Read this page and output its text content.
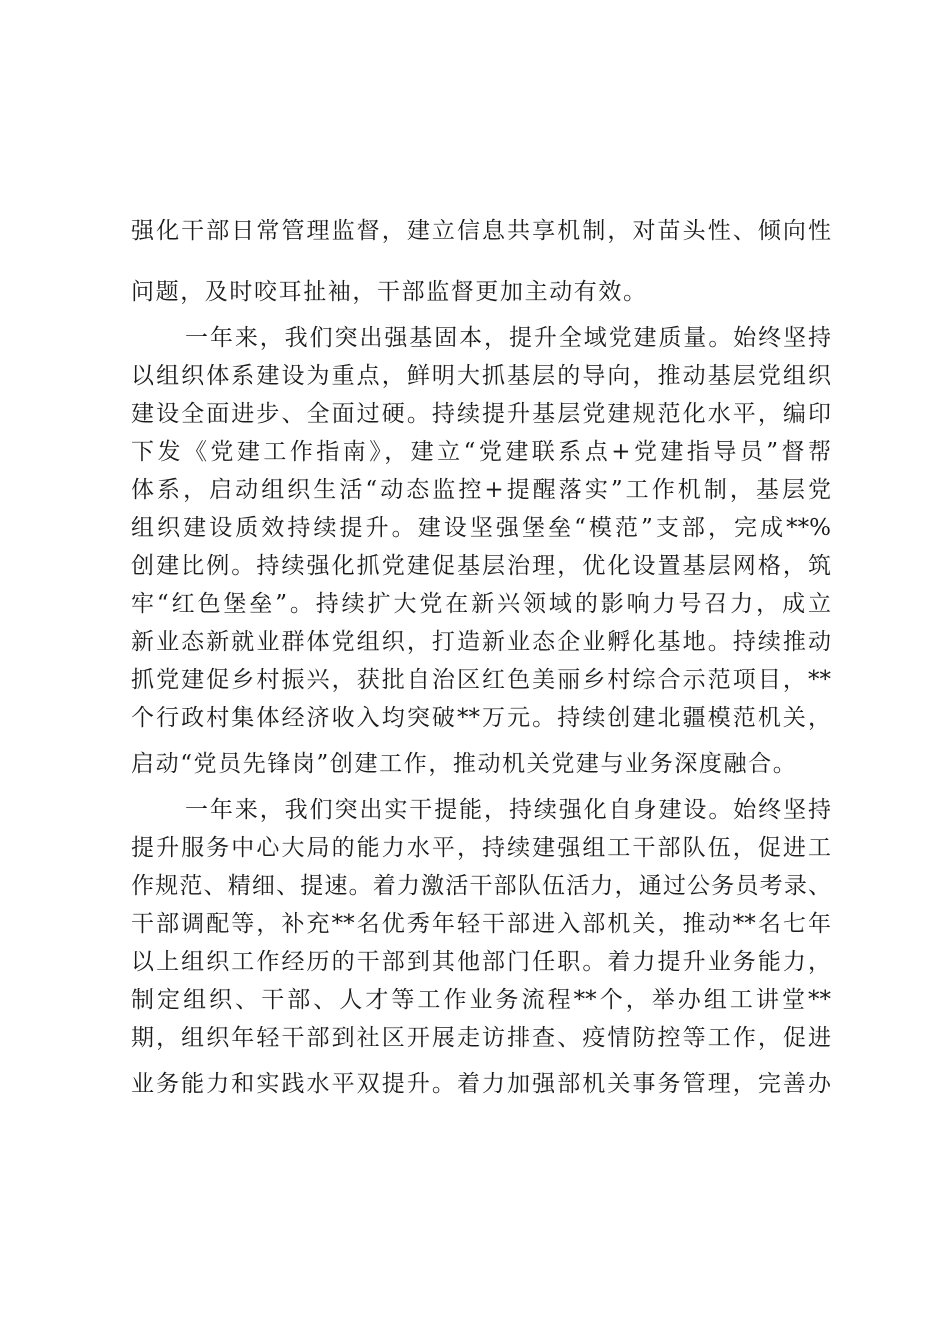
强化干部日常管理监督，建立信息共享机制，对苗头性、倾向性
问题，及时咬耳扯袖，干部监督更加主动有效。
一年来，我们突出强基固本，提升全域党建质量。始终坚持
以组织体系建设为重点，鲜明大抓基层的导向，推动基层党组织
建设全面进步、全面过硬。持续提升基层党建规范化水平，编印
下发《党建工作指南》，建立“党建联系点+党建指导员”督帮
体系，启动组织生活“动态监控+提醒落实”工作机制，基层党
组织建设质效持续提升。建设坚强堡垒“模范”支部，完成**%
创建比例。持续强化抓党建促基层治理，优化设置基层网格，筑
牢“红色堡垒”。持续扩大党在新兴领域的影响力号召力，成立
新业态新就业群体党组织，打造新业态企业孵化基地。持续推动
抓党建促乡村振兴，获批自治区红色美丽乡村综合示范项目，**
个行政村集体经济收入均突破**万元。持续创建北疆模范机关，
启动“党员先锋岗”创建工作，推动机关党建与业务深度融合。
一年来，我们突出实干提能，持续强化自身建设。始终坚持
提升服务中心大局的能力水平，持续建强组工干部队伍，促进工
作规范、精细、提速。着力激活干部队伍活力，通过公务员考录、
干部调配等，补充**名优秀年轻干部进入部机关，推动**名七年
以上组织工作经历的干部到其他部门任职。着力提升业务能力，
制定组织、干部、人才等工作业务流程**个，举办组工讲堂**
期，组织年轻干部到社区开展走访排查、疫情防控等工作，促进
业务能力和实践水平双提升。着力加强部机关事务管理，完善办
